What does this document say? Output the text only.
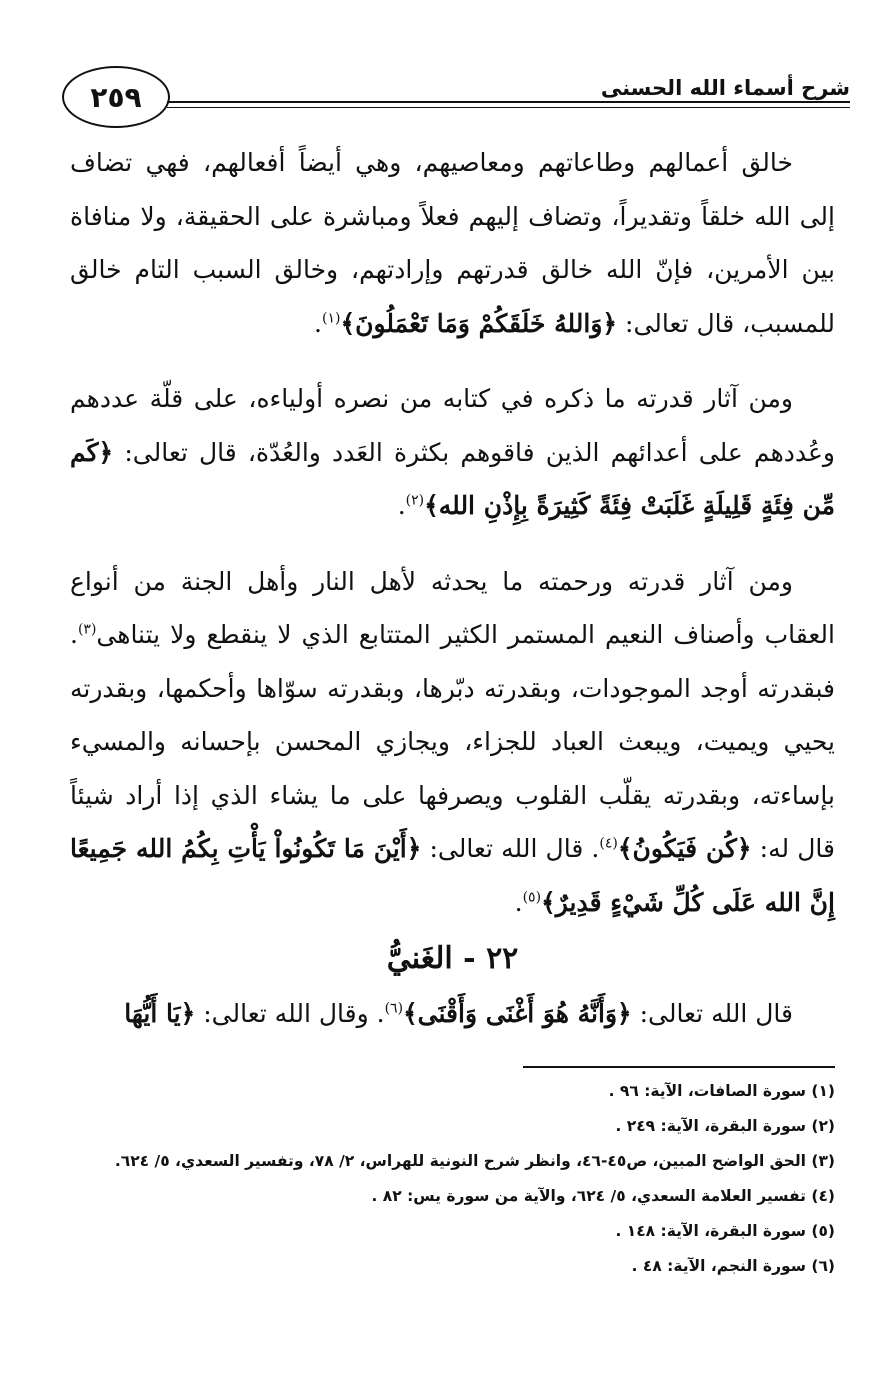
شرح أسماء الله الحسنى
٢٥٩

خالق أعمالهم وطاعاتهم ومعاصيهم، وهي أيضاً أفعالهم، فهي تضاف إلى الله خلقاً وتقديراً، وتضاف إليهم فعلاً ومباشرة على الحقيقة، ولا منافاة بين الأمرين، فإنّ الله خالق قدرتهم وإرادتهم، وخالق السبب التام خالق للمسبب، قال تعالى: ﴿وَاللهُ خَلَقَكُمْ وَمَا تَعْمَلُونَ﴾$^{(١)}$.

ومن آثار قدرته ما ذكره في كتابه من نصره أولياءه، على قلّة عددهم وعُددهم على أعدائهم الذين فاقوهم بكثرة العَدد والعُدّة، قال تعالى: ﴿كَم مِّن فِئَةٍ قَلِيلَةٍ غَلَبَتْ فِئَةً كَثِيرَةً بِإِذْنِ الله﴾$^{(٢)}$.

ومن آثار قدرته ورحمته ما يحدثه لأهل النار وأهل الجنة من أنواع العقاب وأصناف النعيم المستمر الكثير المتتابع الذي لا ينقطع ولا يتناهى$^{(٣)}$. فبقدرته أوجد الموجودات، وبقدرته دبّرها، وبقدرته سوّاها وأحكمها، وبقدرته يحيي ويميت، ويبعث العباد للجزاء، ويجازي المحسن بإحسانه والمسيء بإساءته، وبقدرته يقلّب القلوب ويصرفها على ما يشاء الذي إذا أراد شيئاً قال له: ﴿كُن فَيَكُونُ﴾$^{(٤)}$. قال الله تعالى: ﴿أَيْنَ مَا تَكُونُواْ يَأْتِ بِكُمُ الله جَمِيعًا إِنَّ الله عَلَى كُلِّ شَيْءٍ قَدِيرٌ﴾$^{(٥)}$.

٢٢ - الغَنيُّ

قال الله تعالى: ﴿وَأَنَّهُ هُوَ أَغْنَى وَأَقْنَى﴾$^{(٦)}$. وقال الله تعالى: ﴿يَا أَيُّهَا

(١) سورة الصافات، الآية: ٩٦ .
(٢) سورة البقرة، الآية: ٢٤٩ .
(٣) الحق الواضح المبين، ص٤٥-٤٦، وانظر شرح النونية للهراس، ٢/ ٧٨، وتفسير السعدي، ٥/ ٦٢٤.
(٤) تفسير العلامة السعدي، ٥/ ٦٢٤، والآية من سورة يس: ٨٢ .
(٥) سورة البقرة، الآية: ١٤٨ .
(٦) سورة النجم، الآية: ٤٨ .
